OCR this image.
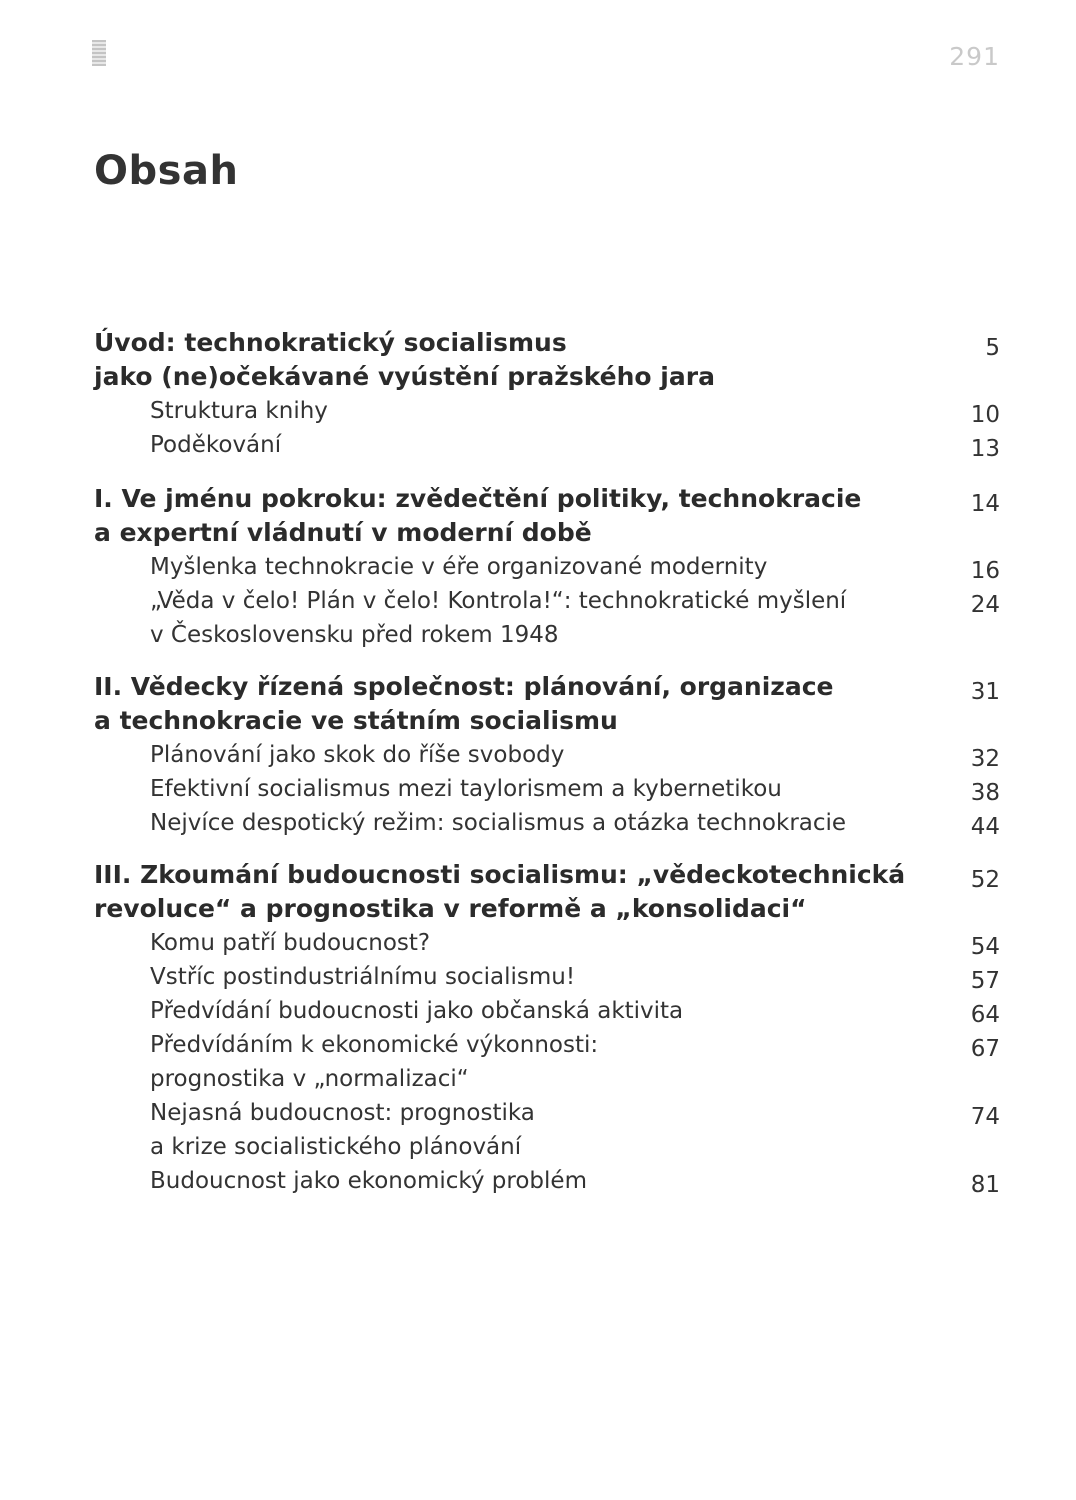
291
Obsah
Úvod: technokratický socialismus
jako (ne)očekávané vyústění pražského jara
5
Struktura knihy	10
Poděkování	13
I. Ve jménu pokroku: zvědečtění politiky, technokracie
a expertní vládnutí v moderní době
14
Myšlenka technokracie v éře organizované modernity	16
„Věda v čelo! Plán v čelo! Kontrola!“: technokratické myšlení
v Československu před rokem 1948
24
II. Vědecky řízená společnost: plánování, organizace
a technokracie ve státním socialismu
31
Plánování jako skok do říše svobody	32
Efektivní socialismus mezi taylorismem a kybernetikou	38
Nejvíce despotický režim: socialismus a otázka technokracie	44
III. Zkoumání budoucnosti socialismu: „vědeckotechnická
revoluce“ a prognostika v reformě a „konsolidaci“
52
Komu patří budoucnost?	54
Vstříc postindustriálnímu socialismu!	57
Předvídání budoucnosti jako občanská aktivita	64
Předvídáním k ekonomické výkonnosti:
prognostika v „normalizaci“
67
Nejasná budoucnost: prognostika
a krize socialistického plánování
74
Budoucnost jako ekonomický problém	81
